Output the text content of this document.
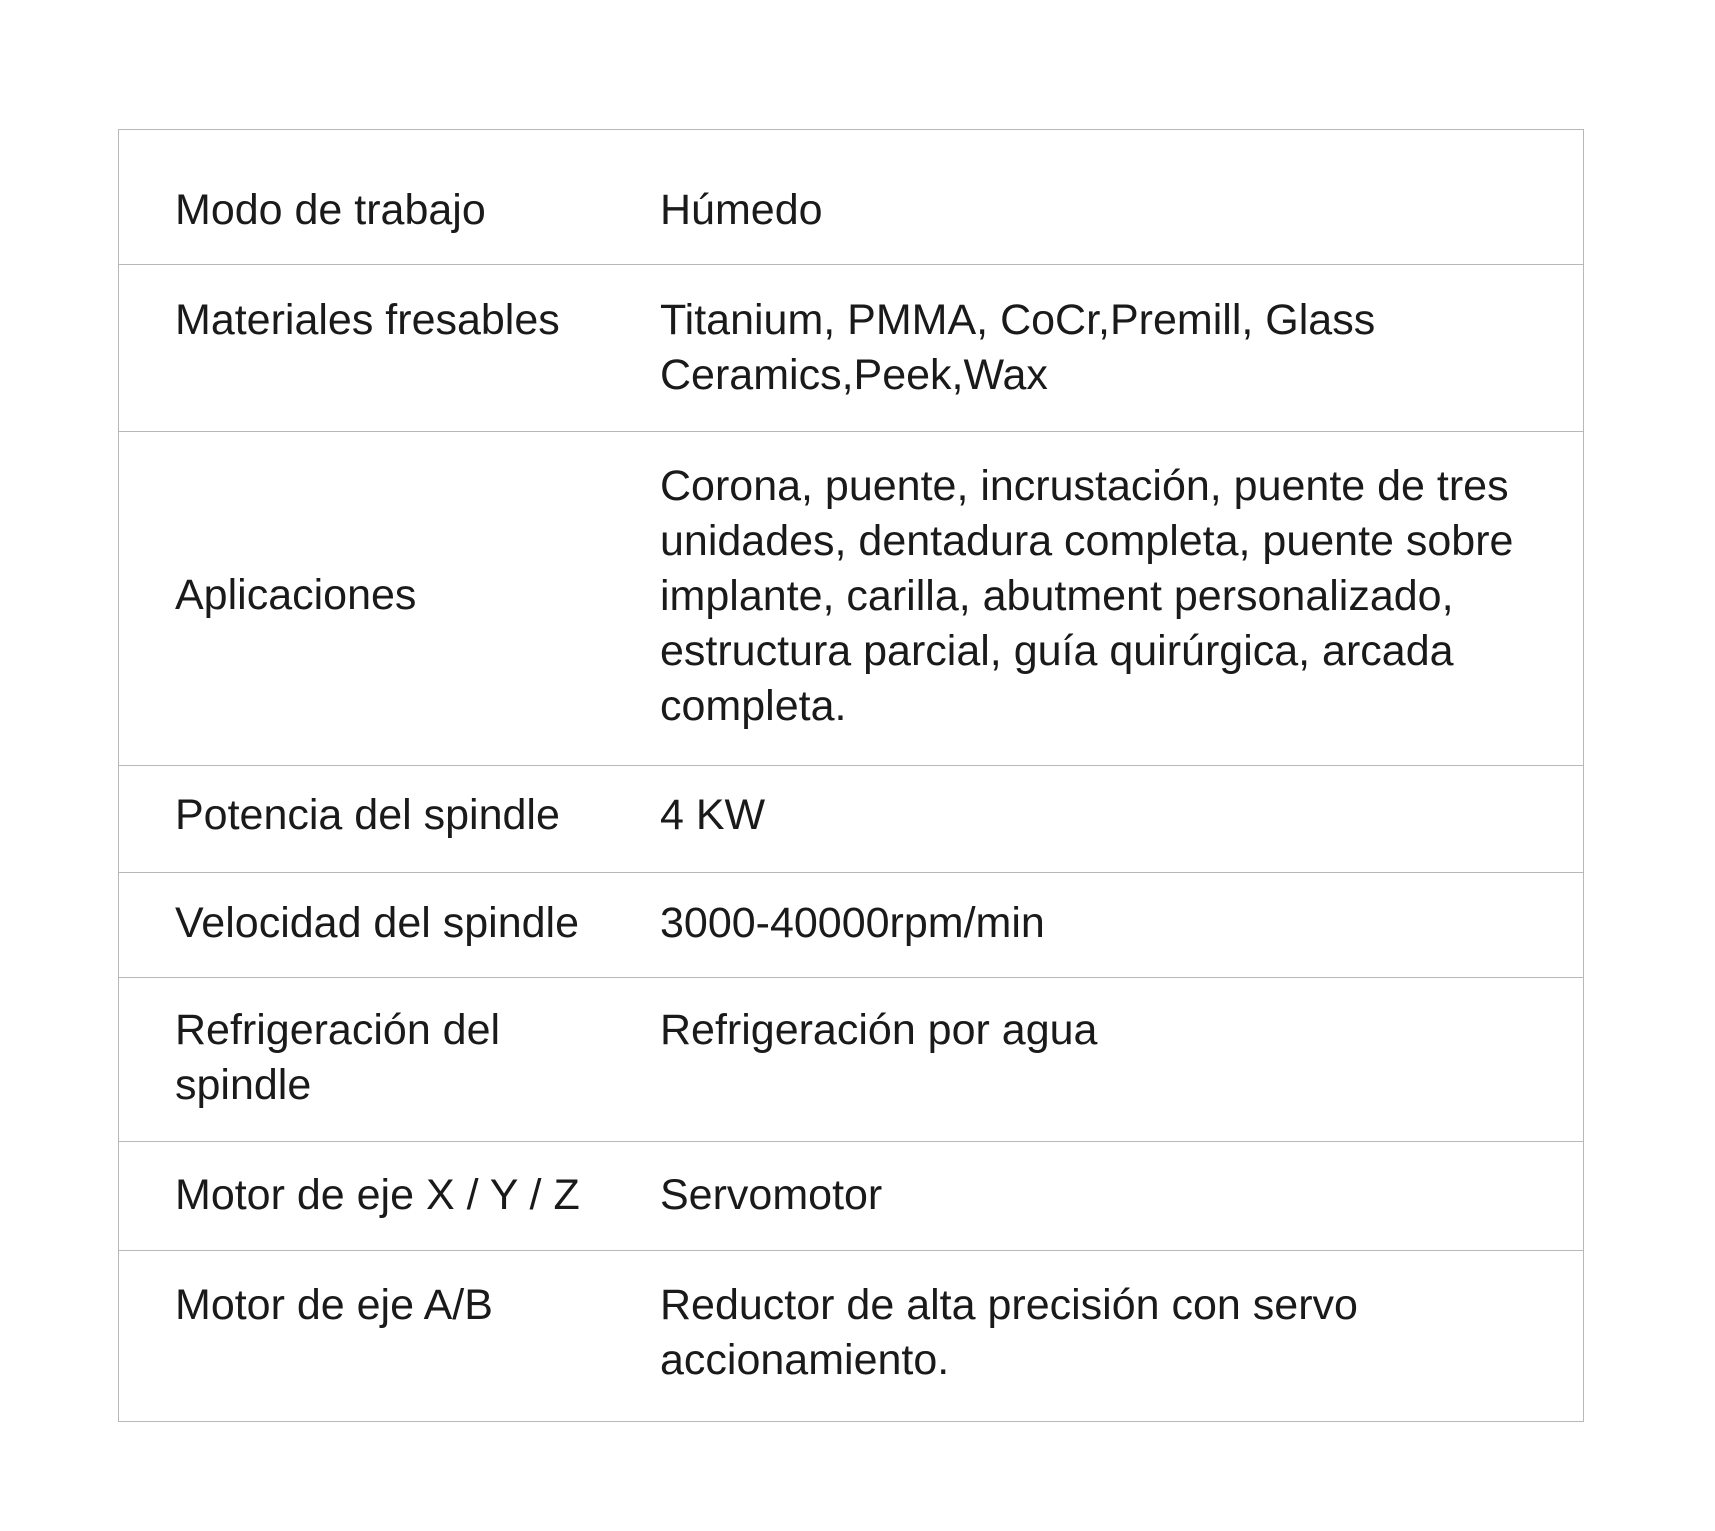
Modo de trabajo	Húmedo
Materiales fresables Titanium, PMMA, CoCr,Premill, Glass Ceramics,Peek,Wax
Aplicaciones
Corona, puente, incrustación, puente de tres unidades, dentadura completa, puente sobre implante, carilla, abutment personalizado, estructura parcial, guía quirúrgica, arcada completa.
Potencia del spindle 4 KW
Velocidad del spindle 3000-40000rpm/min
Refrigeración del spindle
Refrigeración por agua
Motor de eje X / Y / Z Servomotor
Motor de eje A/B	Reductor de alta precisión con servo accionamiento.
